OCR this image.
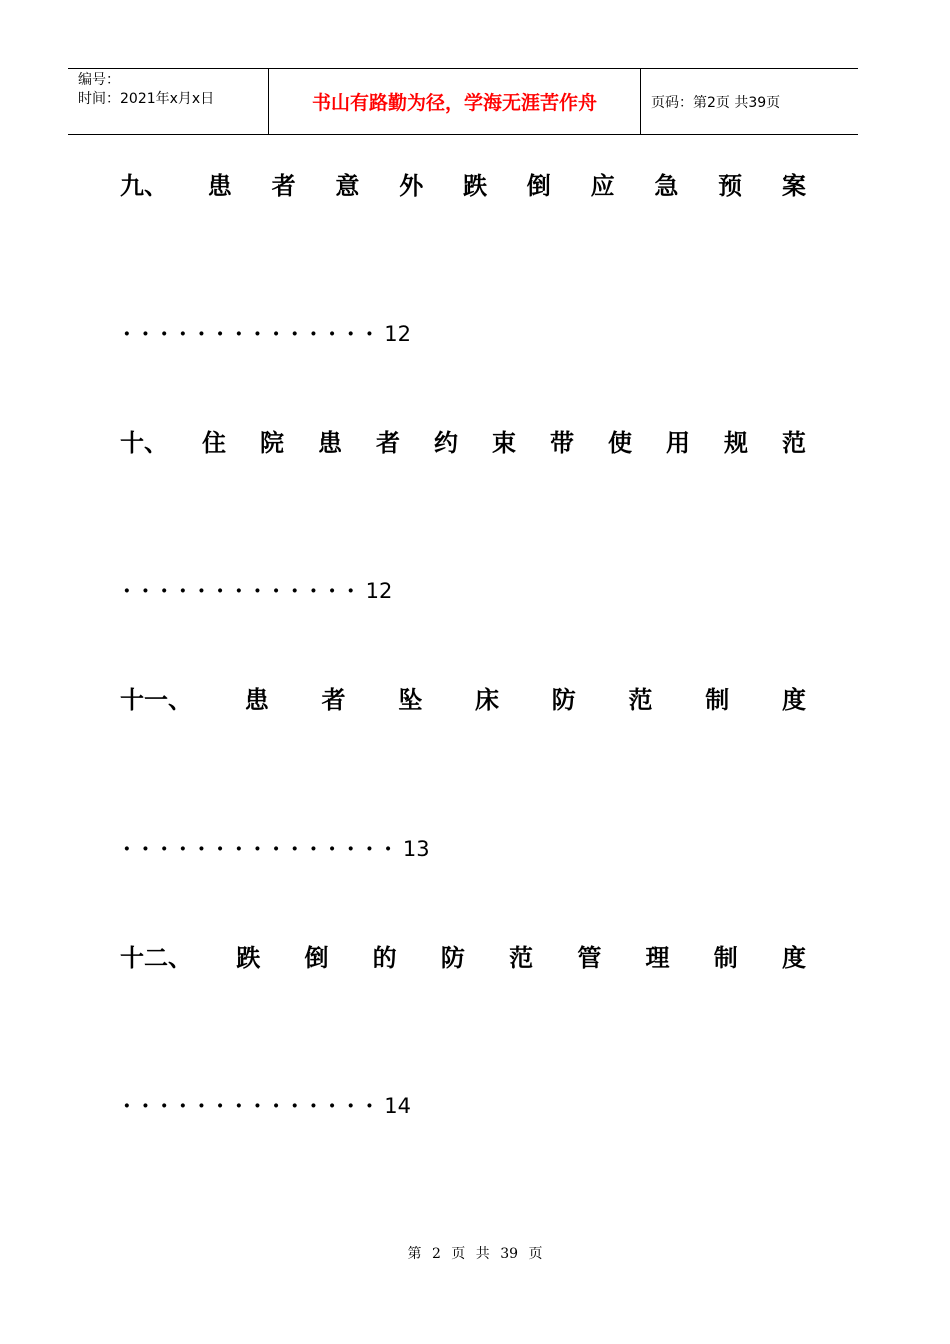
编号：
时间：2021年x月x日	书山有路勤为径，学海无涯苦作舟	页码：第2页 共39页
九、 患 者 意 外 跌 倒 应 急 预 案
··············12
十、 住 院 患 者 约 束 带 使 用 规 范
·············12
十一、 患 者 坠 床 防 范 制 度
···············13
十二、 跌 倒 的 防 范 管 理 制 度
··············14
第 2 页 共 39 页
